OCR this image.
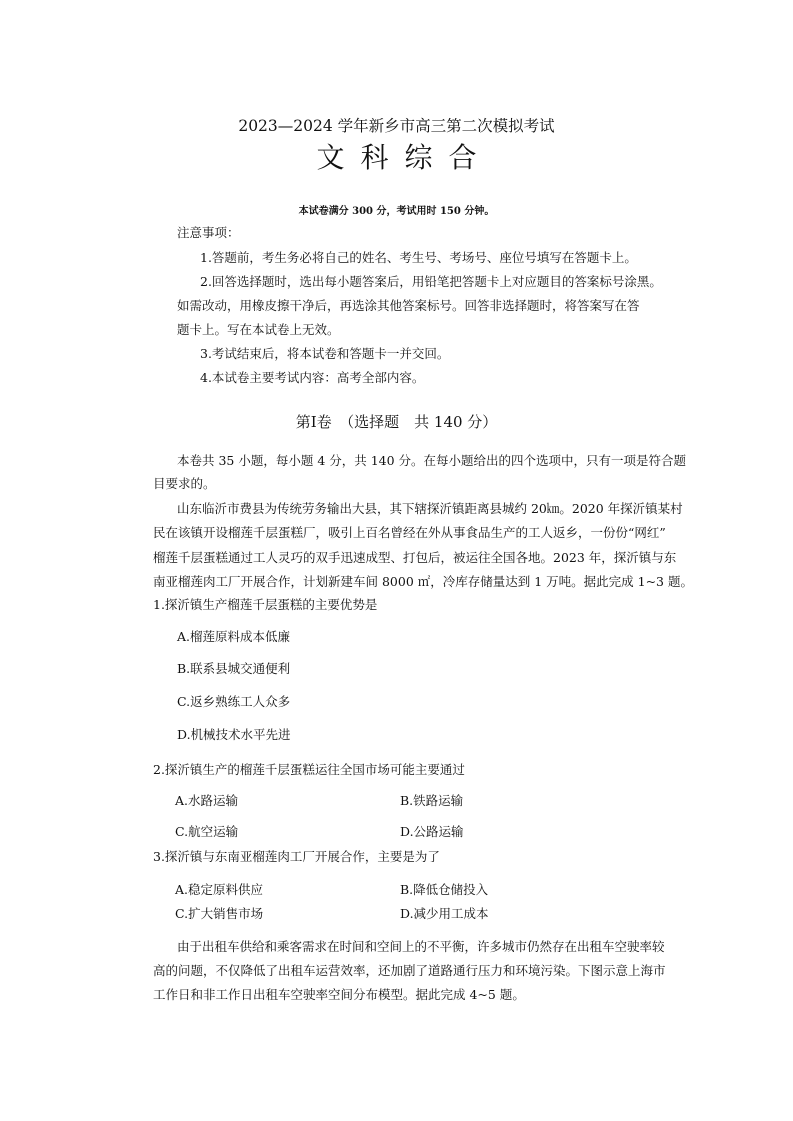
2023—2024 学年新乡市高三第二次模拟考试
文科综合
本试卷满分 300 分，考试用时 150 分钟。
注意事项：
1.答题前，考生务必将自己的姓名、考生号、考场号、座位号填写在答题卡上。
2.回答选择题时，选出每小题答案后，用铅笔把答题卡上对应题目的答案标号涂黑。
如需改动，用橡皮擦干净后，再选涂其他答案标号。回答非选择题时，将答案写在答
题卡上。写在本试卷上无效。
3.考试结束后，将本试卷和答题卡一并交回。
4.本试卷主要考试内容：高考全部内容。
第Ⅰ卷　（选择题　共 140 分）
本卷共 35 小题，每小题 4 分，共 140 分。在每小题给出的四个选项中，只有一项是符合题
目要求的。
山东临沂市费县为传统劳务输出大县，其下辖探沂镇距离县城约 20㎞。2020 年探沂镇某村
民在该镇开设榴莲千层蛋糕厂，吸引上百名曾经在外从事食品生产的工人返乡，一份份“网红”
榴莲千层蛋糕通过工人灵巧的双手迅速成型、打包后，被运往全国各地。2023 年，探沂镇与东
南亚榴莲肉工厂开展合作，计划新建车间 8000 ㎡，冷库存储量达到 1 万吨。据此完成 1~3 题。
1.探沂镇生产榴莲千层蛋糕的主要优势是
A.榴莲原料成本低廉
B.联系县城交通便利
C.返乡熟练工人众多
D.机械技术水平先进
2.探沂镇生产的榴莲千层蛋糕运往全国市场可能主要通过
A.水路运输	B.铁路运输
C.航空运输	D.公路运输
3.探沂镇与东南亚榴莲肉工厂开展合作，主要是为了
A.稳定原料供应	B.降低仓储投入
C.扩大销售市场	D.减少用工成本
由于出租车供给和乘客需求在时间和空间上的不平衡，许多城市仍然存在出租车空驶率较
高的问题，不仅降低了出租车运营效率，还加剧了道路通行压力和环境污染。下图示意上海市
工作日和非工作日出租车空驶率空间分布模型。据此完成 4~5 题。
